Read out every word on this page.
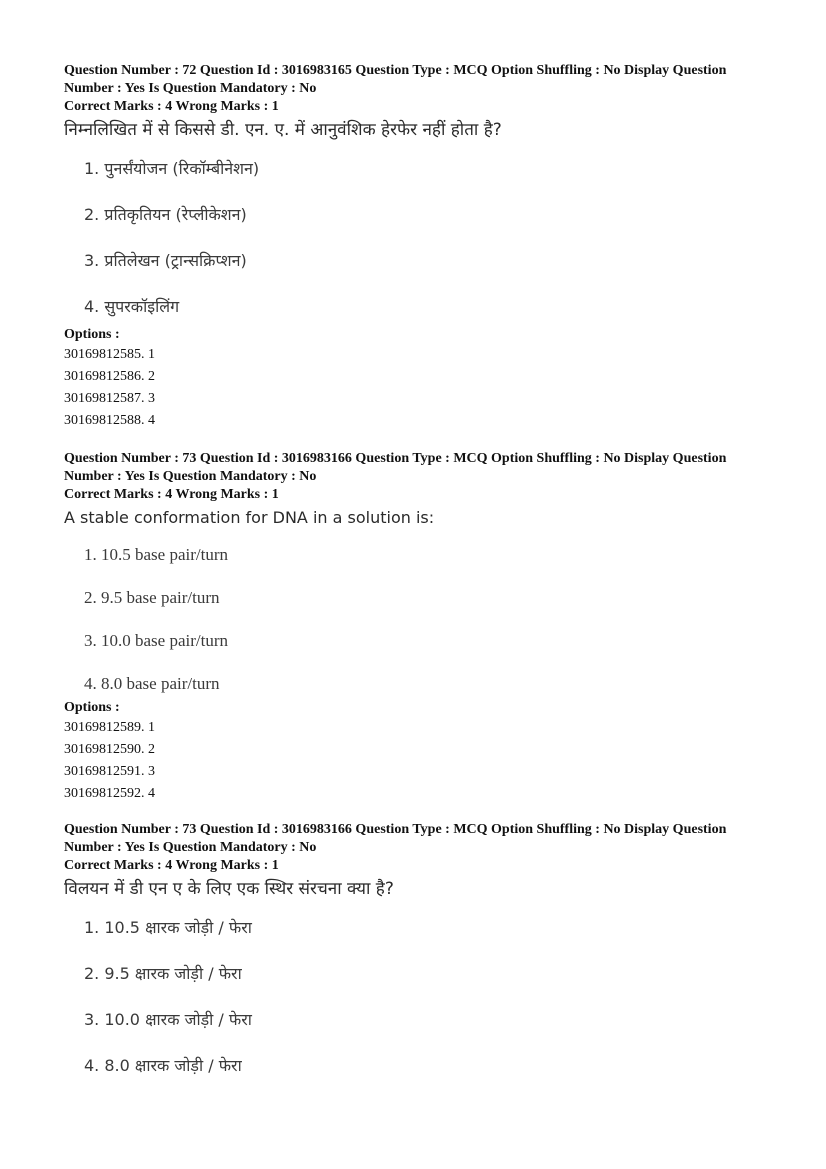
Question Number : 72 Question Id : 3016983165 Question Type : MCQ Option Shuffling : No Display Question

Number : Yes Is Question Mandatory : No

Correct Marks : 4 Wrong Marks : 1

निम्नलिखित में से किससे डी. एन. ए. में आनुवंशिक हेरफेर नहीं होता है?
1. पुनर्संयोजन (रिकॉम्बीनेशन)
2. प्रतिकृतियन (रेप्लीकेशन)
3. प्रतिलेखन (ट्रान्सक्रिप्शन)
4. सुपरकॉइलिंग
Options :
30169812585. 1
30169812586. 2
30169812587. 3
30169812588. 4

Question Number : 73 Question Id : 3016983166 Question Type : MCQ Option Shuffling : No Display Question

Number : Yes Is Question Mandatory : No

Correct Marks : 4 Wrong Marks : 1

A stable conformation for DNA in a solution is:
1. 10.5 base pair/turn
2. 9.5 base pair/turn
3. 10.0 base pair/turn
4. 8.0 base pair/turn
Options :
30169812589. 1
30169812590. 2
30169812591. 3
30169812592. 4

Question Number : 73 Question Id : 3016983166 Question Type : MCQ Option Shuffling : No Display Question

Number : Yes Is Question Mandatory : No

Correct Marks : 4 Wrong Marks : 1

विलयन में डी एन ए के लिए एक स्थिर संरचना क्या है?
1. 10.5 क्षारक जोड़ी / फेरा
2. 9.5 क्षारक जोड़ी / फेरा
3. 10.0 क्षारक जोड़ी / फेरा
4. 8.0 क्षारक जोड़ी / फेरा
